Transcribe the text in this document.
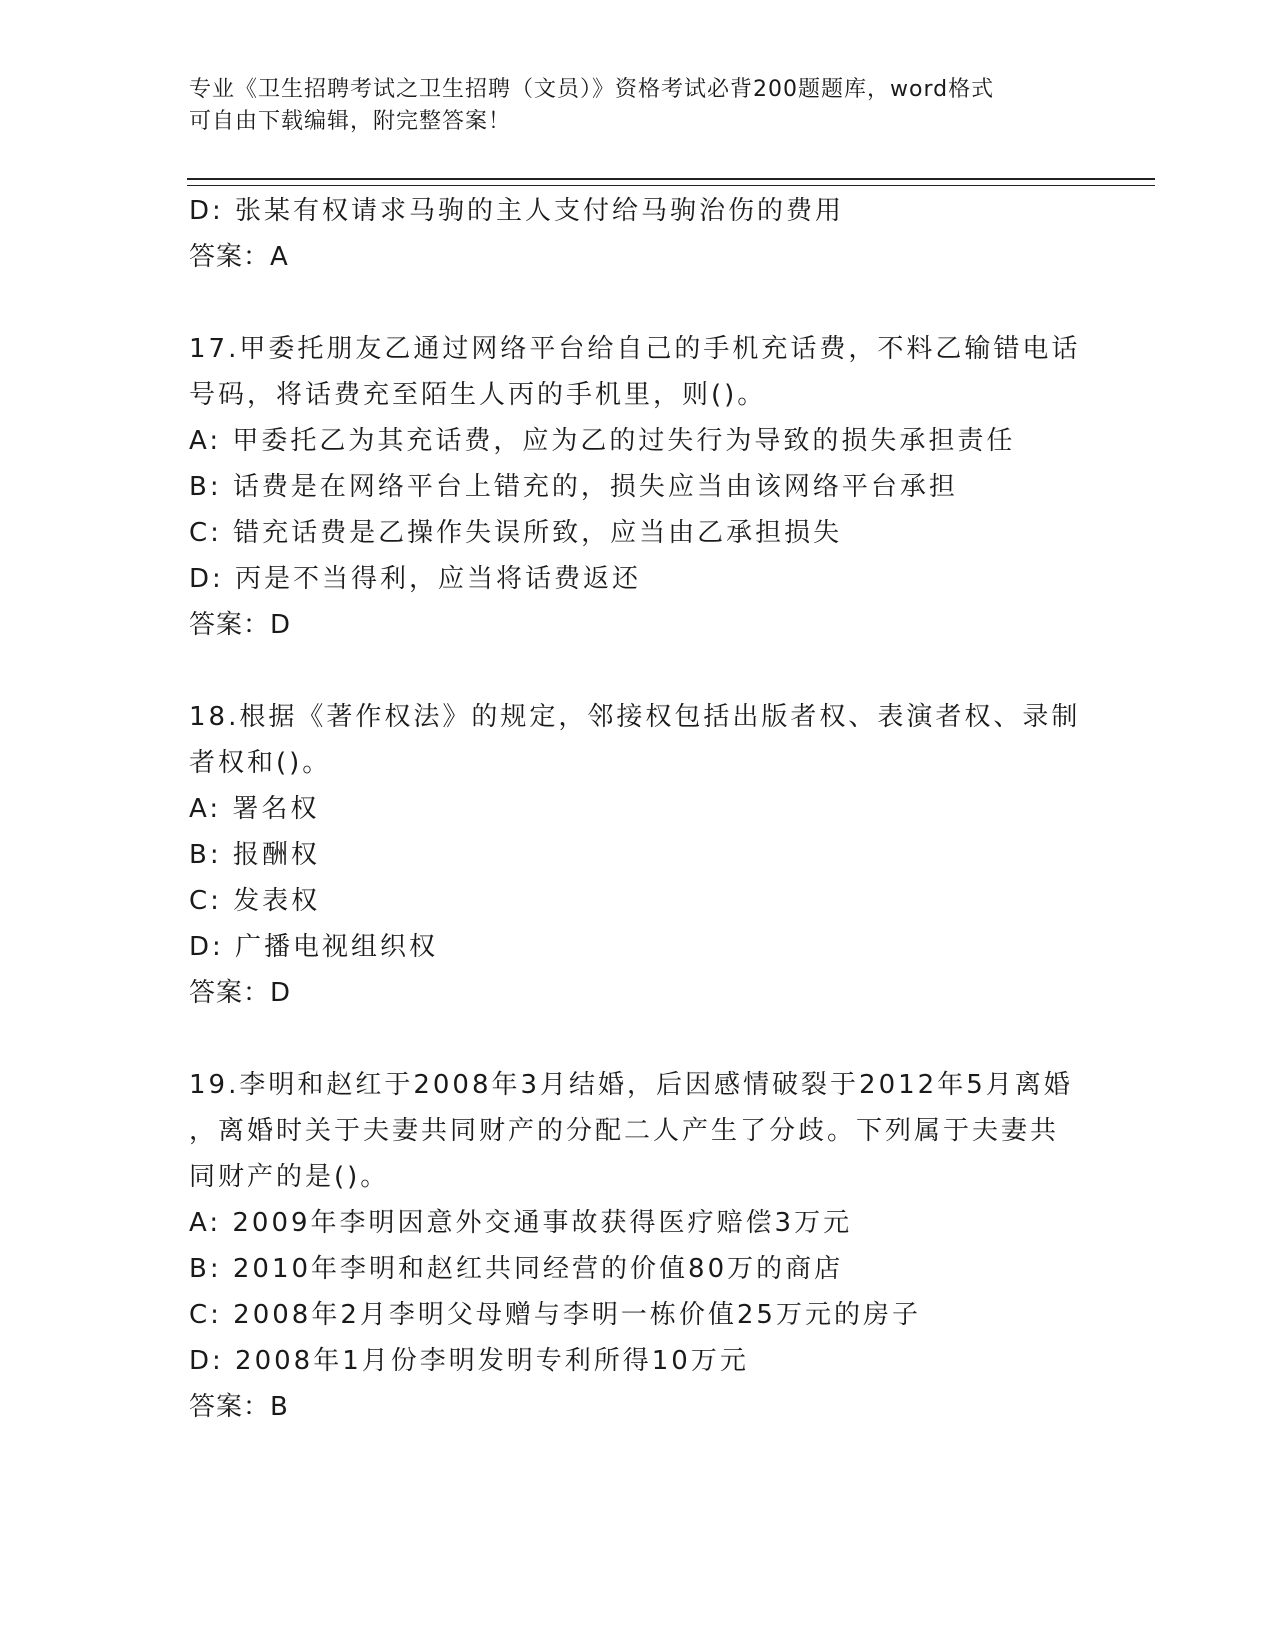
专业《卫生招聘考试之卫生招聘（文员）》资格考试必背200题题库，word格式
可自由下载编辑，附完整答案！
D: 张某有权请求马驹的主人支付给马驹治伤的费用
答案：A
17.甲委托朋友乙通过网络平台给自己的手机充话费，不料乙输错电话
号码，将话费充至陌生人丙的手机里，则()。
A: 甲委托乙为其充话费，应为乙的过失行为导致的损失承担责任
B: 话费是在网络平台上错充的，损失应当由该网络平台承担
C: 错充话费是乙操作失误所致，应当由乙承担损失
D: 丙是不当得利，应当将话费返还
答案：D
18.根据《著作权法》的规定，邻接权包括出版者权、表演者权、录制
者权和()。
A: 署名权
B: 报酬权
C: 发表权
D: 广播电视组织权
答案：D
19.李明和赵红于2008年3月结婚，后因感情破裂于2012年5月离婚
，离婚时关于夫妻共同财产的分配二人产生了分歧。下列属于夫妻共
同财产的是()。
A: 2009年李明因意外交通事故获得医疗赔偿3万元
B: 2010年李明和赵红共同经营的价值80万的商店
C: 2008年2月李明父母赠与李明一栋价值25万元的房子
D: 2008年1月份李明发明专利所得10万元
答案：B
